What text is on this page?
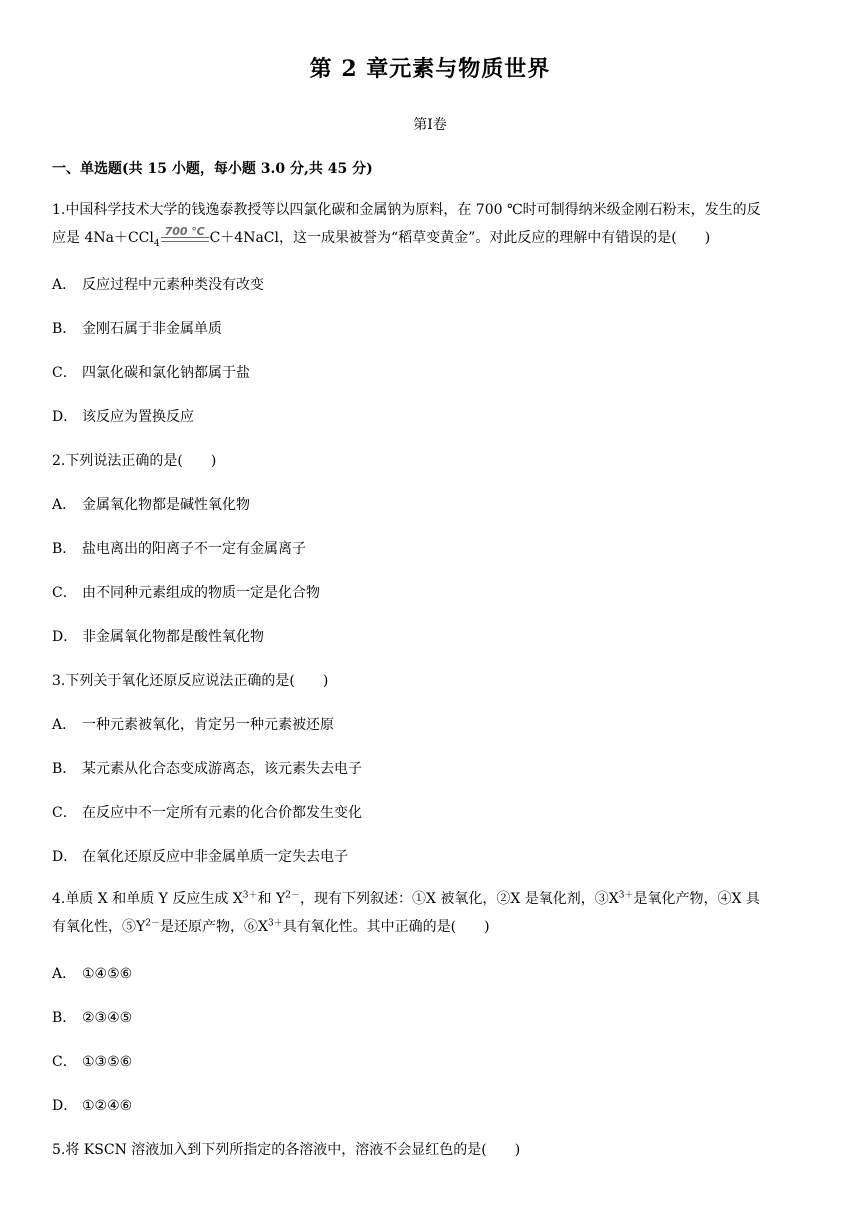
第 2 章元素与物质世界
第Ⅰ卷
一、单选题(共 15 小题，每小题 3.0 分,共 45 分)
1.中国科学技术大学的钱逸泰教授等以四氯化碳和金属钠为原料，在 700 ℃时可制得纳米级金刚石粉末，发生的反
应是 4Na＋CCl$_4$
700 ℃ C＋4NaCl，这一成果被誉为“稻草变黄金”。对此反应的理解中有错误的是(　　)
A． 反应过程中元素种类没有改变
B． 金刚石属于非金属单质
C． 四氯化碳和氯化钠都属于盐
D． 该反应为置换反应
2.下列说法正确的是(　　)
A． 金属氧化物都是碱性氧化物
B． 盐电离出的阳离子不一定有金属离子
C． 由不同种元素组成的物质一定是化合物
D． 非金属氧化物都是酸性氧化物
3.下列关于氧化还原反应说法正确的是(　　)
A． 一种元素被氧化，肯定另一种元素被还原
B． 某元素从化合态变成游离态，该元素失去电子
C． 在反应中不一定所有元素的化合价都发生变化
D． 在氧化还原反应中非金属单质一定失去电子
4.单质 X 和单质 Y 反应生成 $X^{3+}$和 $Y^{2-}$，现有下列叙述：①X 被氧化，②X 是氧化剂，$③X^{3+}$是氧化产物，④X 具
有氧化性，$⑤Y^{2-}$是还原产物，$⑥X^{3+}$具有氧化性。其中正确的是(　　)
A． ①④⑤⑥
B． ②③④⑤
C． ①③⑤⑥
D． ①②④⑥
5.将 KSCN 溶液加入到下列所指定的各溶液中，溶液不会显红色的是(　　)
